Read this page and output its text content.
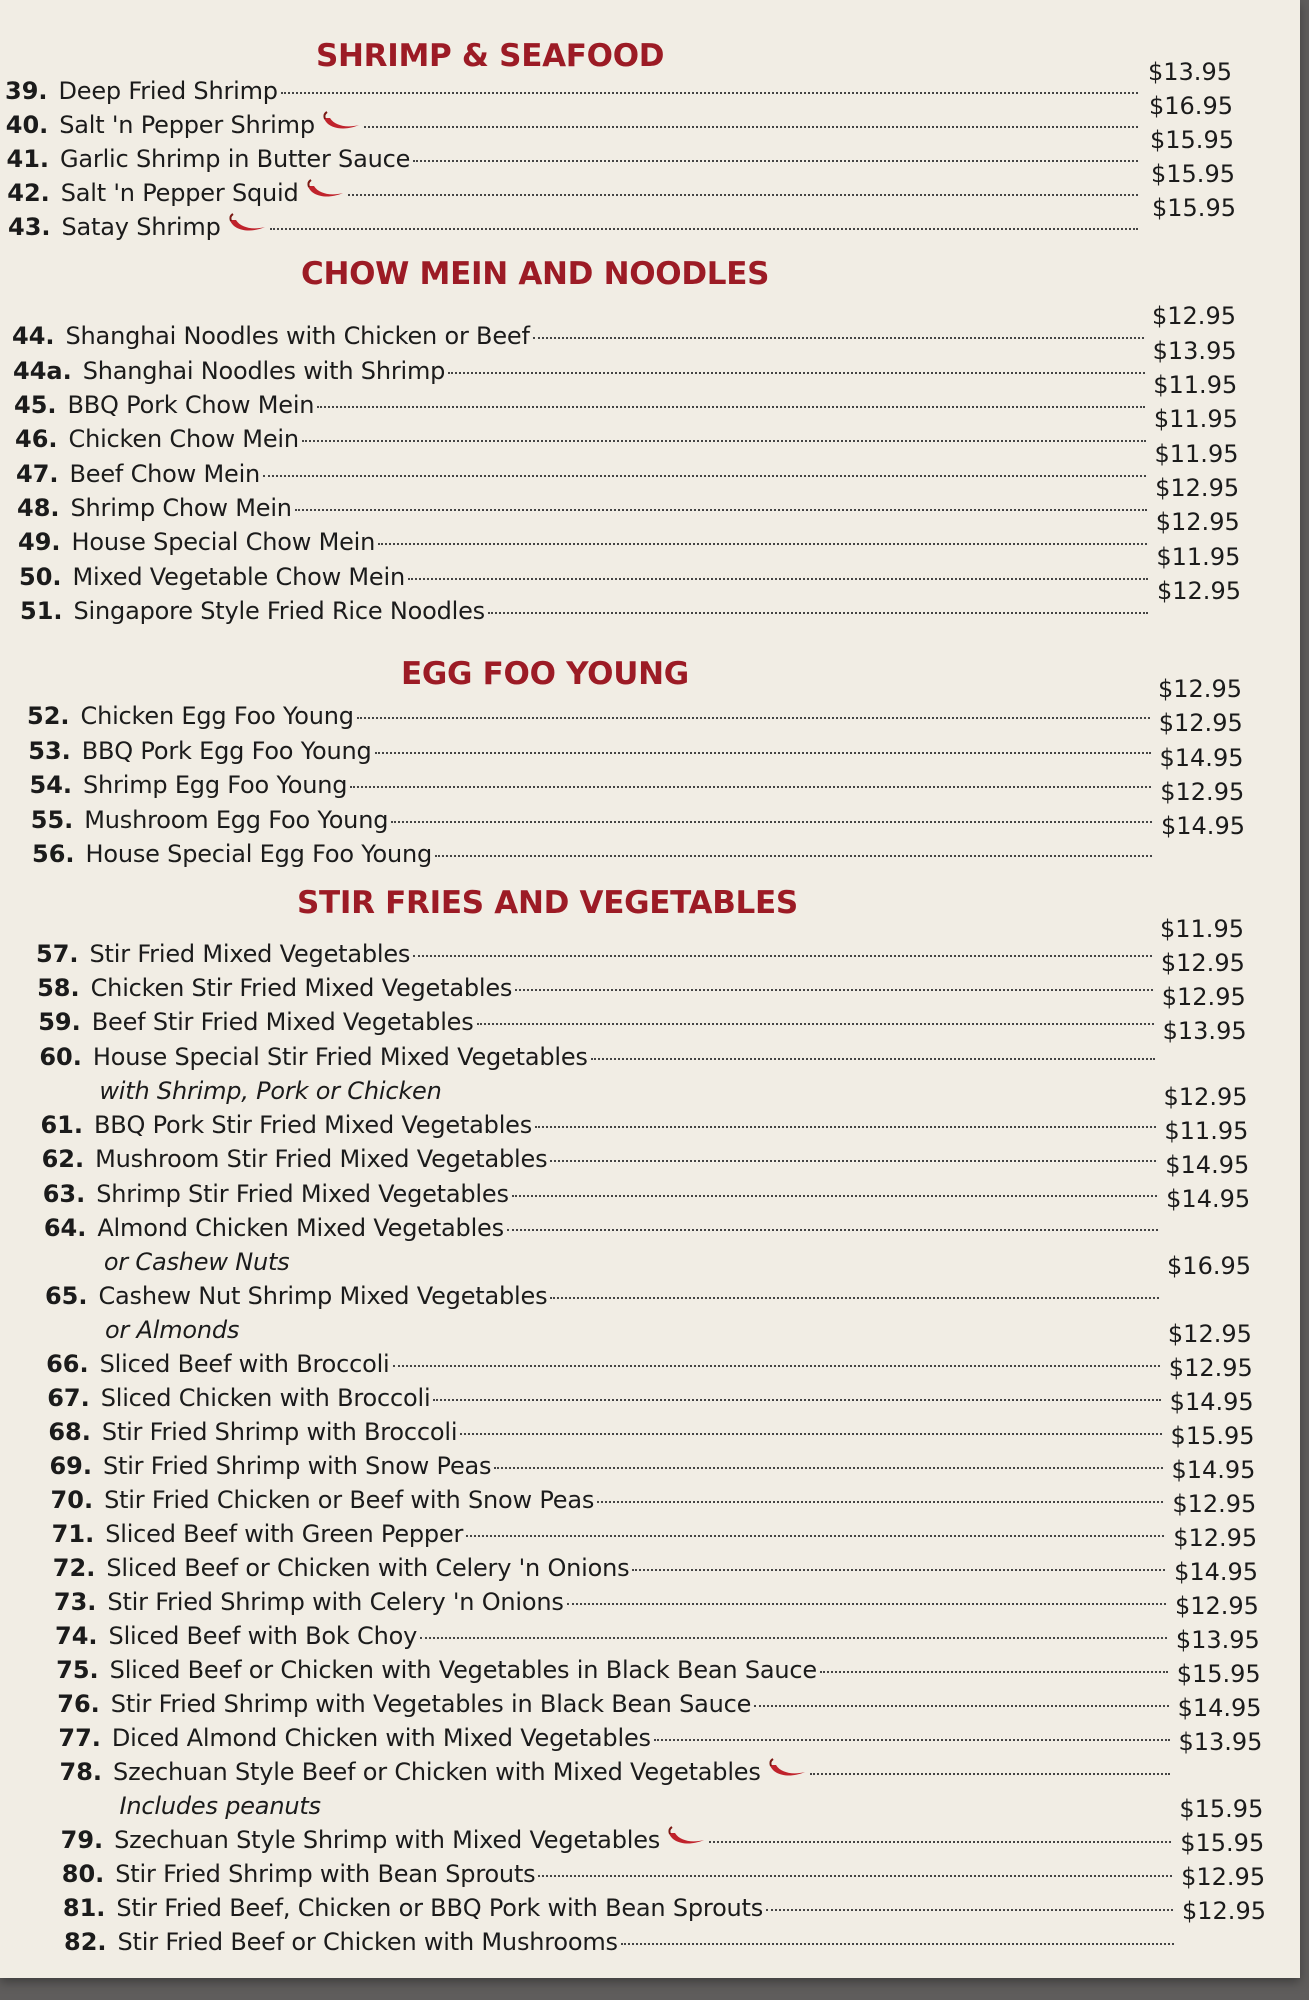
SHRIMP & SEAFOOD
39. Deep Fried Shrimp
40. Salt 'n Pepper Shrimp
41. Garlic Shrimp in Butter Sauce
42. Salt 'n Pepper Squid
43. Satay Shrimp
$13.95
$16.95
$15.95
$15.95
$15.95
CHOW MEIN AND NOODLES
44. Shanghai Noodles with Chicken or Beef
44a. Shanghai Noodles with Shrimp
45. BBQ Pork Chow Mein
46. Chicken Chow Mein
47. Beef Chow Mein
48. Shrimp Chow Mein
49. House Special Chow Mein
50. Mixed Vegetable Chow Mein
51. Singapore Style Fried Rice Noodles
$12.95
$13.95
$11.95
$11.95
$11.95
$12.95
$12.95
$11.95
$12.95
EGG FOO YOUNG
52. Chicken Egg Foo Young
53. BBQ Pork Egg Foo Young
54. Shrimp Egg Foo Young
55. Mushroom Egg Foo Young
56. House Special Egg Foo Young
$12.95
$12.95
$14.95
$12.95
$14.95
STIR FRIES AND VEGETABLES
57. Stir Fried Mixed Vegetables
58. Chicken Stir Fried Mixed Vegetables
59. Beef Stir Fried Mixed Vegetables
60. House Special Stir Fried Mixed Vegetables
with Shrimp, Pork or Chicken
61. BBQ Pork Stir Fried Mixed Vegetables
62. Mushroom Stir Fried Mixed Vegetables
63. Shrimp Stir Fried Mixed Vegetables
64. Almond Chicken Mixed Vegetables
or Cashew Nuts
65. Cashew Nut Shrimp Mixed Vegetables
or Almonds
66. Sliced Beef with Broccoli
67. Sliced Chicken with Broccoli
68. Stir Fried Shrimp with Broccoli
69. Stir Fried Shrimp with Snow Peas
70. Stir Fried Chicken or Beef with Snow Peas
71. Sliced Beef with Green Pepper
72. Sliced Beef or Chicken with Celery 'n Onions
73. Stir Fried Shrimp with Celery 'n Onions
74. Sliced Beef with Bok Choy
75. Sliced Beef or Chicken with Vegetables in Black Bean Sauce
76. Stir Fried Shrimp with Vegetables in Black Bean Sauce
77. Diced Almond Chicken with Mixed Vegetables
78. Szechuan Style Beef or Chicken with Mixed Vegetables
Includes peanuts
79. Szechuan Style Shrimp with Mixed Vegetables
80. Stir Fried Shrimp with Bean Sprouts
81. Stir Fried Beef, Chicken or BBQ Pork with Bean Sprouts
82. Stir Fried Beef or Chicken with Mushrooms
$11.95
$12.95
$12.95
$13.95
$12.95
$11.95
$14.95
$14.95
$16.95
$12.95
$12.95
$14.95
$15.95
$14.95
$12.95
$12.95
$14.95
$12.95
$13.95
$15.95
$14.95
$13.95
$15.95
$15.95
$12.95
$12.95
